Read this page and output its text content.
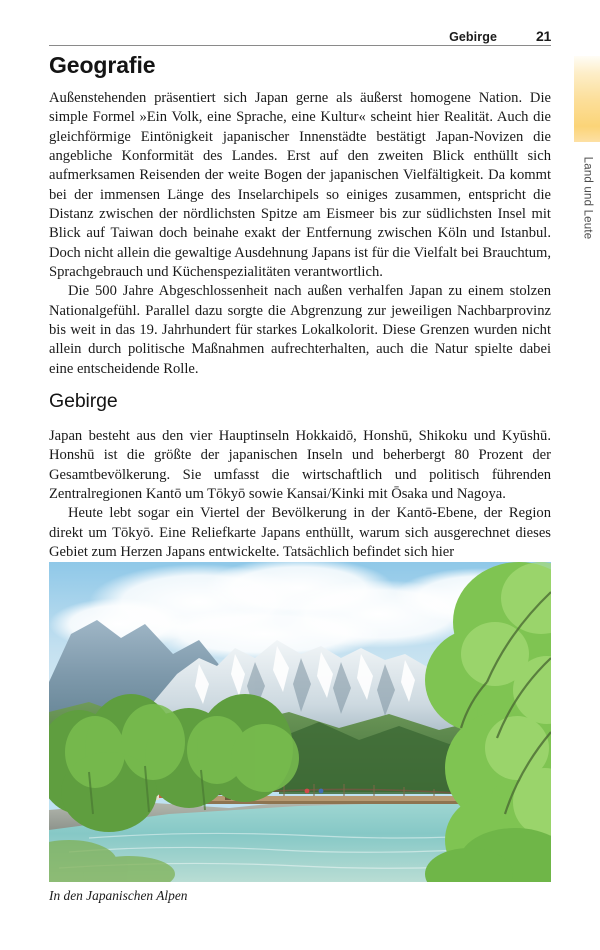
Gebirge	21
Geografie

Außenstehenden präsentiert sich Japan gerne als äußerst homogene Nation. Die simple Formel »Ein Volk, eine Sprache, eine Kultur« scheint hier Realität. Auch die gleichförmige Eintönigkeit japanischer Innenstädte bestätigt Japan-Novizen die angebliche Konformität des Landes. Erst auf den zweiten Blick enthüllt sich aufmerksamen Reisenden der weite Bogen der japanischen Vielfältigkeit. Da kommt bei der immensen Länge des Inselarchipels so einiges zusammen, entspricht die Distanz zwischen der nördlichsten Spitze am Eismeer bis zur südlichsten Insel mit Blick auf Taiwan doch beinahe exakt der Entfernung zwischen Köln und Istanbul. Doch nicht allein die gewaltige Ausdehnung Japans ist für die Vielfalt bei Brauchtum, Sprachgebrauch und Küchenspezialitäten verantwortlich.

Die 500 Jahre Abgeschlossenheit nach außen verhalfen Japan zu einem stolzen Nationalgefühl. Parallel dazu sorgte die Abgrenzung zur jeweiligen Nachbarprovinz bis weit in das 19. Jahrhundert für starkes Lokalkolorit. Diese Grenzen wurden nicht allein durch politische Maßnahmen aufrechterhalten, auch die Natur spielte dabei eine entscheidende Rolle.

Gebirge

Japan besteht aus den vier Hauptinseln Hokkaidō, Honshū, Shikoku und Kyūshū. Honshū ist die größte der japanischen Inseln und beherbergt 80 Prozent der Gesamtbevölkerung. Sie umfasst die wirtschaftlich und politisch führenden Zentralregionen Kantō um Tōkyō sowie Kansai/Kinki mit Ōsaka und Nagoya.

Heute lebt sogar ein Viertel der Bevölkerung in der Kantō-Ebene, der Region direkt um Tōkyō. Eine Reliefkarte Japans enthüllt, warum sich ausgerechnet dieses Gebiet zum Herzen Japans entwickelte. Tatsächlich befindet sich hier

Land und Leute
In den Japanischen Alpen
